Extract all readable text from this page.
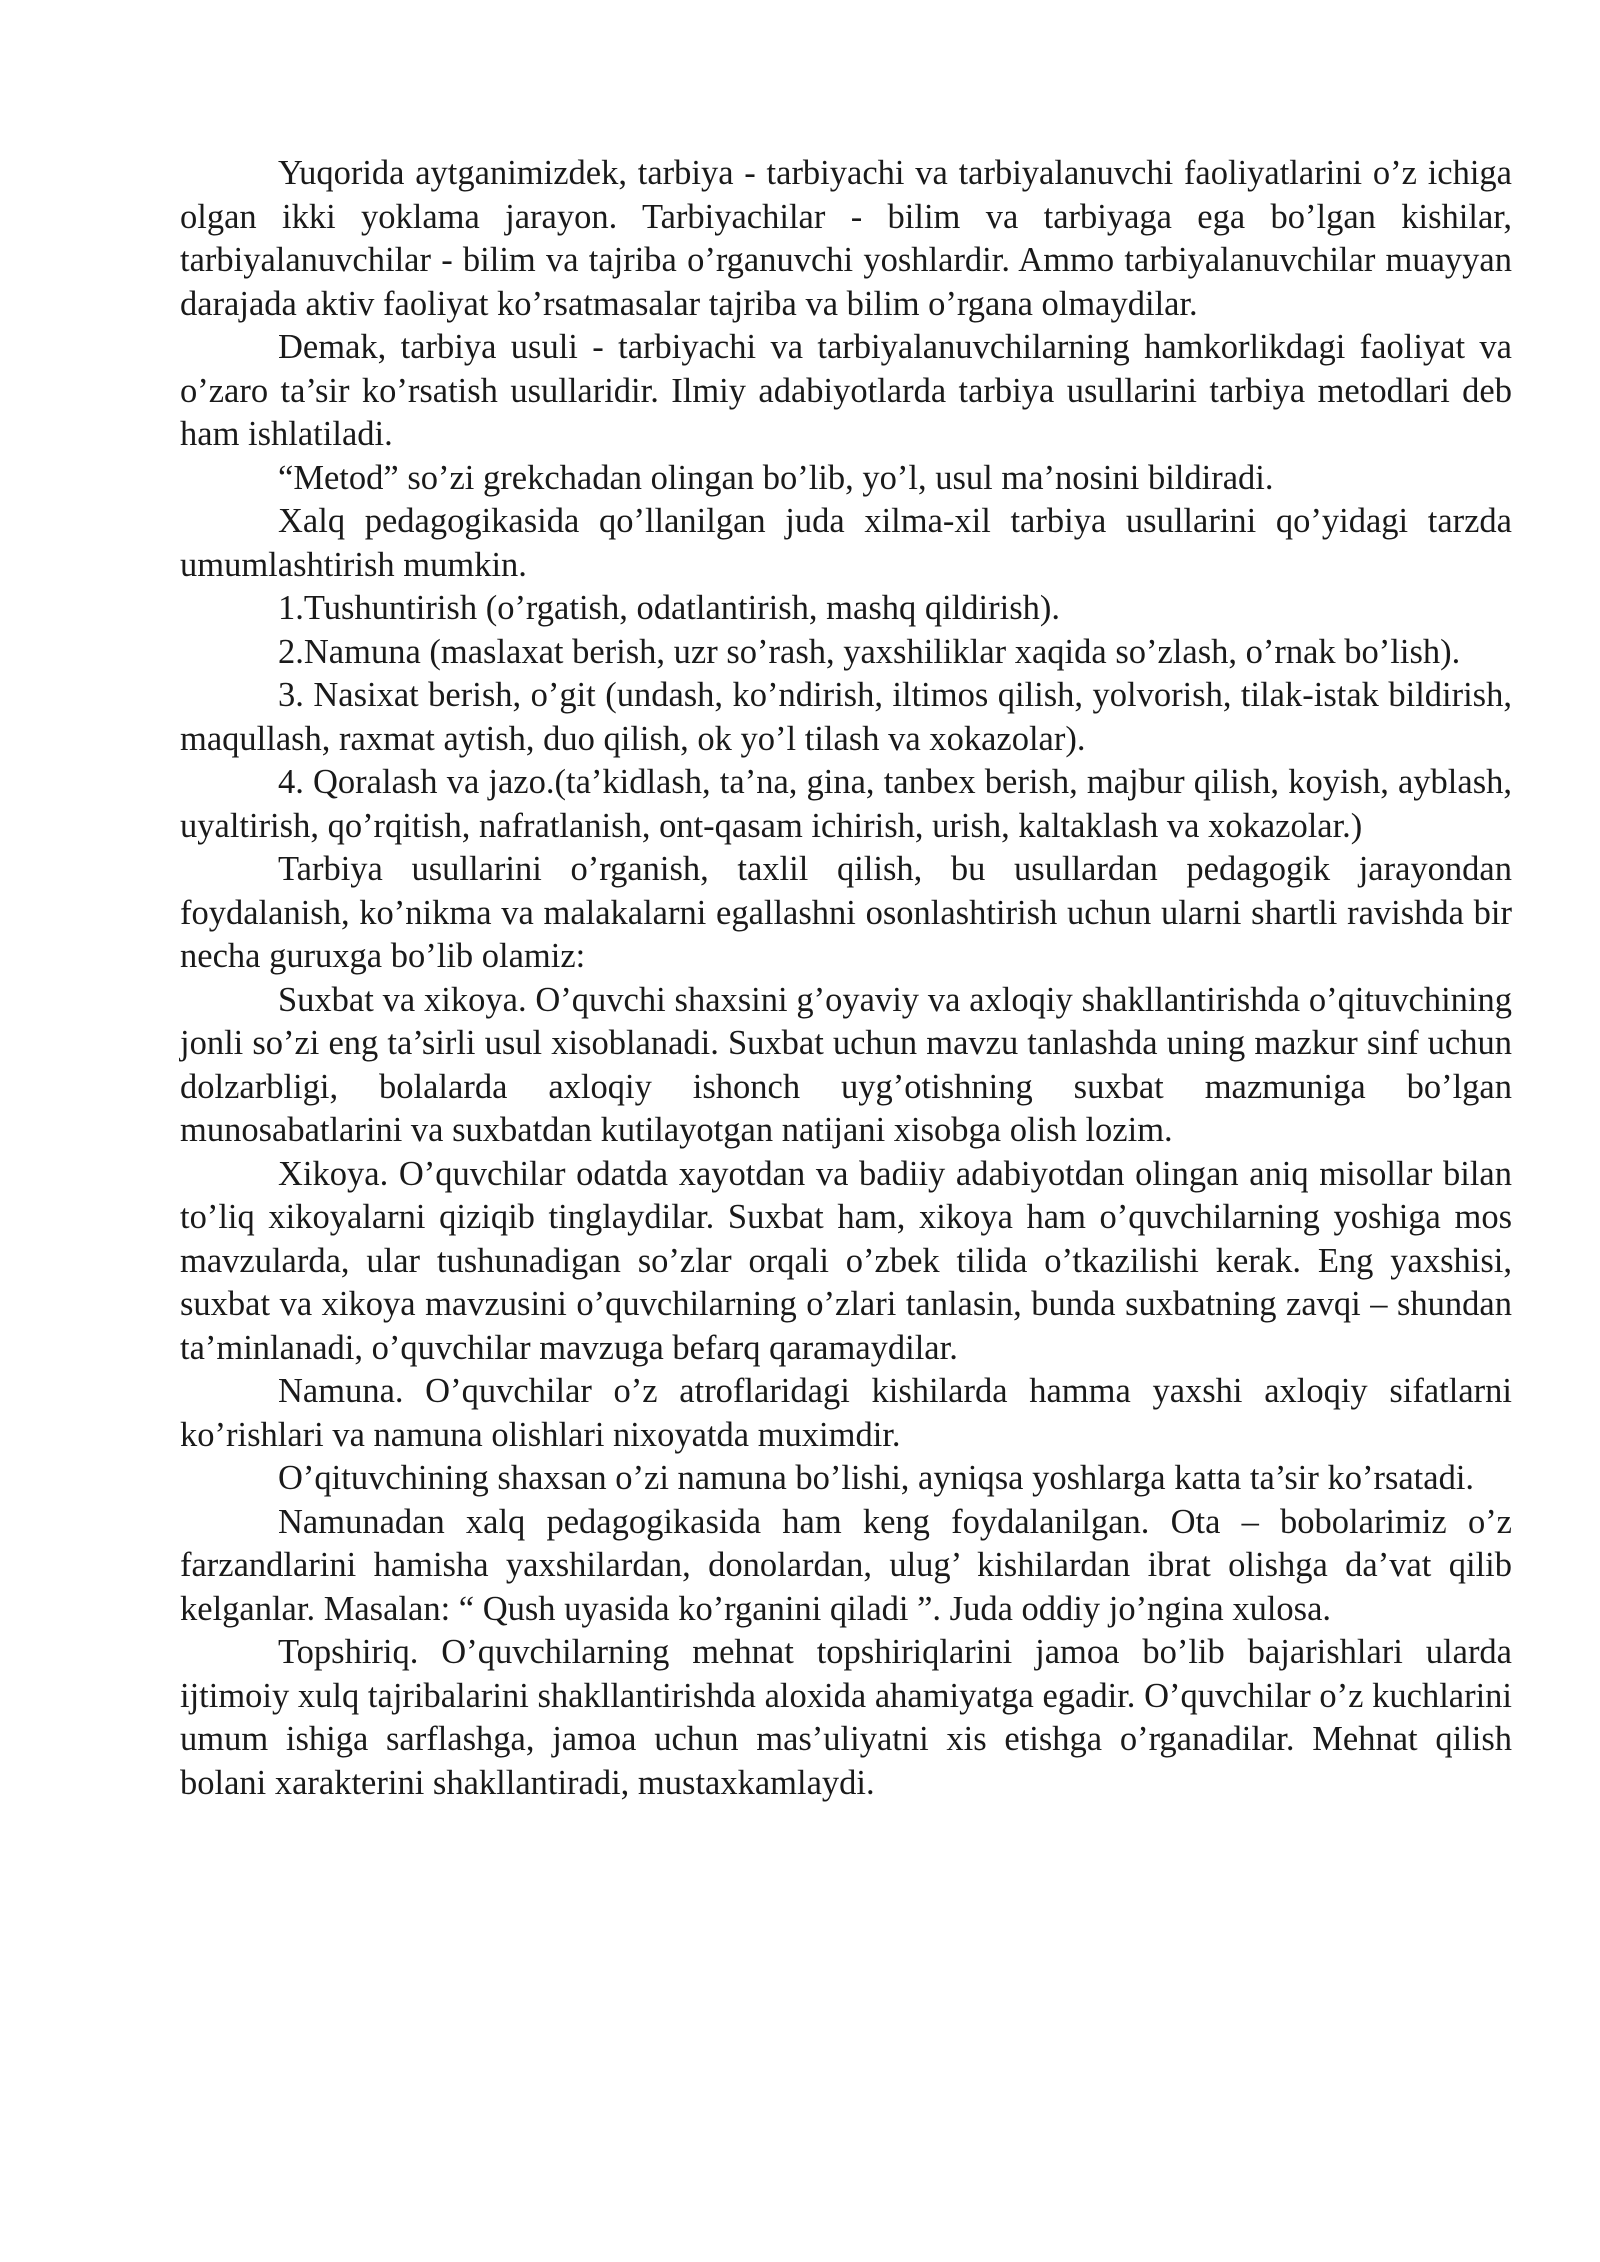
Yuqorida aytganimizdek, tarbiya - tarbiyachi va tarbiyalanuvchi faoliyatlarini o’z ichiga olgan ikki yoklama jarayon. Tarbiyachilar - bilim va tarbiyaga ega bo’lgan kishilar, tarbiyalanuvchilar - bilim va tajriba o’rganuvchi yoshlardir. Ammo tarbiyalanuvchilar muayyan darajada aktiv faoliyat ko’rsatmasalar tajriba va bilim o’rgana olmaydilar.

Demak, tarbiya usuli - tarbiyachi va tarbiyalanuvchilarning hamkorlikdagi faoliyat va o’zaro ta’sir ko’rsatish usullaridir. Ilmiy adabiyotlarda tarbiya usullarini tarbiya metodlari deb ham ishlatiladi.

“Metod” so’zi grekchadan olingan bo’lib, yo’l, usul ma’nosini bildiradi.

Xalq pedagogikasida qo’llanilgan juda xilma-xil tarbiya usullarini qo’yidagi tarzda umumlashtirish mumkin.

1.Tushuntirish (o’rgatish, odatlantirish, mashq qildirish).

2.Namuna (maslaxat berish, uzr so’rash, yaxshiliklar xaqida so’zlash, o’rnak bo’lish).

3. Nasixat berish, o’git (undash, ko’ndirish, iltimos qilish, yolvorish, tilak-istak bildirish, maqullash, raxmat aytish, duo qilish, ok yo’l tilash va xokazolar).

4. Qoralash va jazo.(ta’kidlash, ta’na, gina, tanbex berish, majbur qilish, koyish, ayblash, uyaltirish, qo’rqitish, nafratlanish, ont-qasam ichirish, urish, kaltaklash va xokazolar.)

Tarbiya usullarini o’rganish, taxlil qilish, bu usullardan pedagogik jarayondan foydalanish, ko’nikma va malakalarni egallashni osonlashtirish uchun ularni shartli ravishda bir necha guruxga bo’lib olamiz:

Suxbat va xikoya. O’quvchi shaxsini g’oyaviy va axloqiy shakllantirishda o’qituvchining jonli so’zi eng ta’sirli usul xisoblanadi. Suxbat uchun mavzu tanlashda uning mazkur sinf uchun dolzarbligi, bolalarda axloqiy ishonch uyg’otishning suxbat mazmuniga bo’lgan munosabatlarini va suxbatdan kutilayotgan natijani xisobga olish lozim.

Xikoya. O’quvchilar odatda xayotdan va badiiy adabiyotdan olingan aniq misollar bilan to’liq xikoyalarni qiziqib tinglaydilar. Suxbat ham, xikoya ham o’quvchilarning yoshiga mos mavzularda, ular tushunadigan so’zlar orqali o’zbek tilida o’tkazilishi kerak. Eng yaxshisi, suxbat va xikoya mavzusini o’quvchilarning o’zlari tanlasin, bunda suxbatning zavqi – shundan ta’minlanadi, o’quvchilar mavzuga befarq qaramaydilar.

Namuna. O’quvchilar o’z atroflaridagi kishilarda hamma yaxshi axloqiy sifatlarni ko’rishlari va namuna olishlari nixoyatda muximdir.

O’qituvchining shaxsan o’zi namuna bo’lishi, ayniqsa yoshlarga katta ta’sir ko’rsatadi.

Namunadan xalq pedagogikasida ham keng foydalanilgan. Ota – bobolarimiz o’z farzandlarini hamisha yaxshilardan, donolardan, ulug’ kishilardan ibrat olishga da’vat qilib kelganlar. Masalan: “ Qush uyasida ko’rganini qiladi ”. Juda oddiy jo’ngina xulosa.

Topshiriq. O’quvchilarning mehnat topshiriqlarini jamoa bo’lib bajarishlari ularda ijtimoiy xulq tajribalarini shakllantirishda aloxida ahamiyatga egadir. O’quvchilar o’z kuchlarini umum ishiga sarflashga, jamoa uchun mas’uliyatni xis etishga o’rganadilar. Mehnat qilish bolani xarakterini shakllantiradi, mustaxkamlaydi.
